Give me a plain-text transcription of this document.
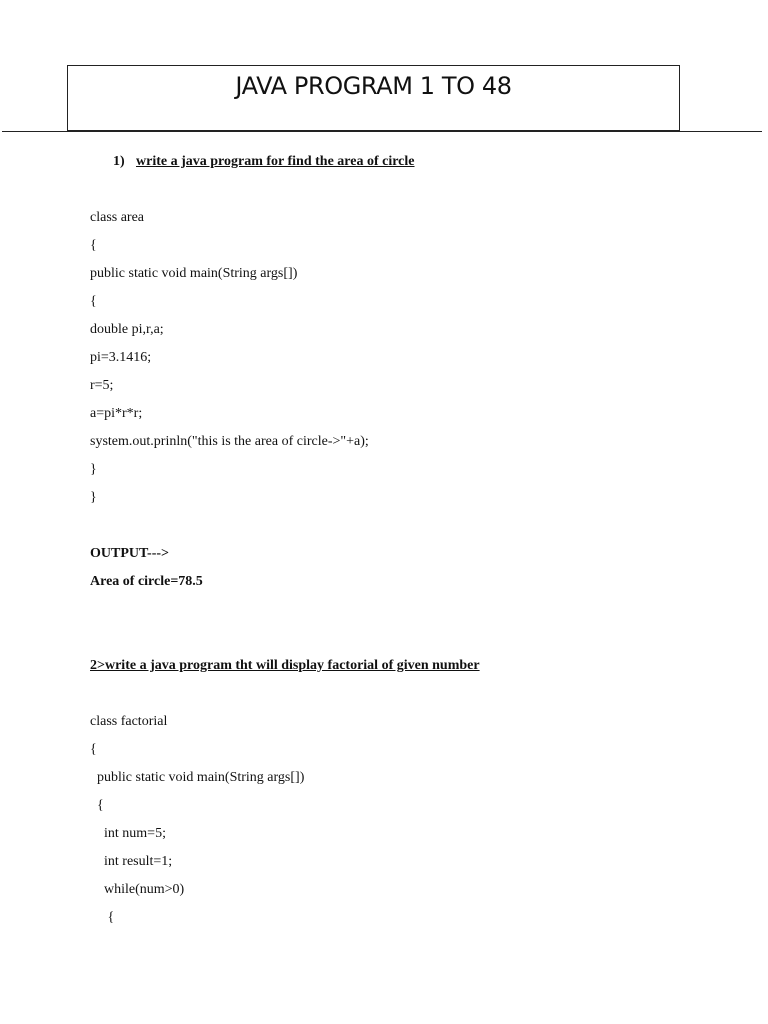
JAVA PROGRAM 1 TO 48
1) write a java program for find the area of circle
class area
{
public static void main(String args[])
{
double pi,r,a;
pi=3.1416;
r=5;
a=pi*r*r;
system.out.prinln("this is the area of circle->"+a);
}
}
OUTPUT--->
Area of circle=78.5
2>write a java program tht will display factorial of given number
class factorial
{
public static void main(String args[])
{
int num=5;
int result=1;
while(num>0)
{
